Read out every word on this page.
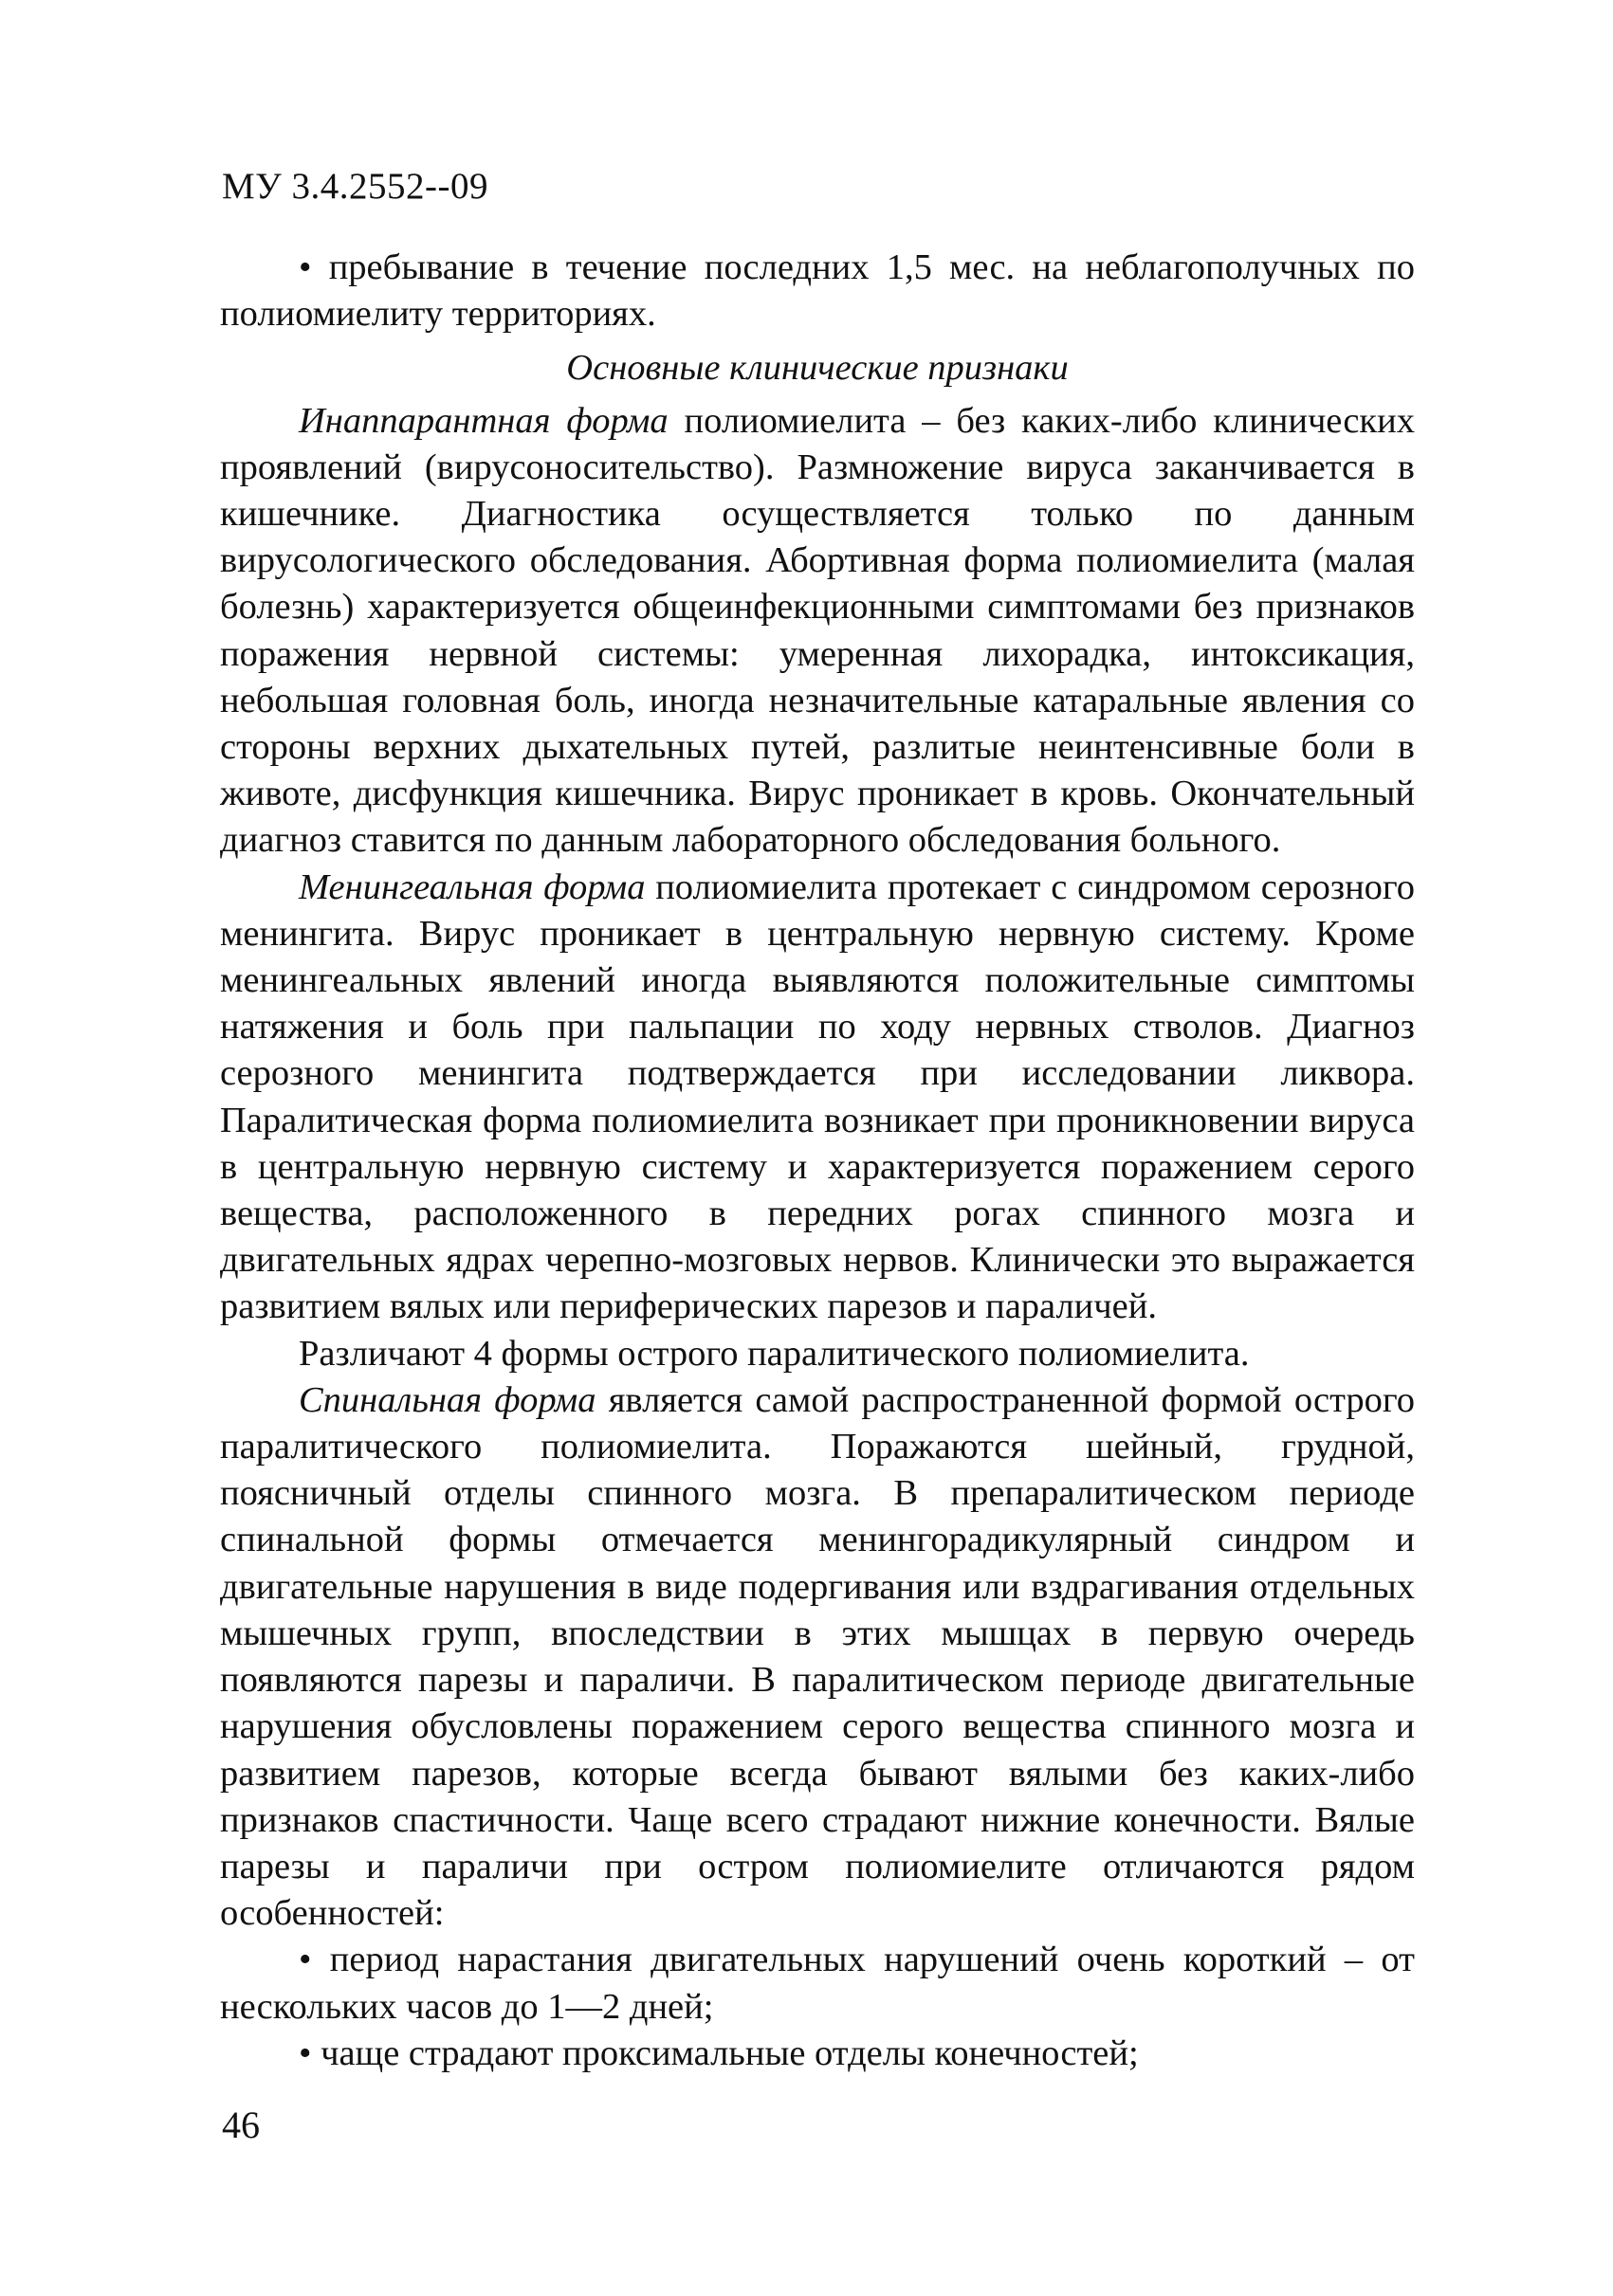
МУ 3.4.2552--09

• пребывание в течение последних 1,5 мес. на неблагополучных по полиомиелиту территориях.

Основные клинические признаки

Инаппарантная форма полиомиелита – без каких-либо клинических проявлений (вирусоносительство). Размножение вируса заканчивается в кишечнике. Диагностика осуществляется только по данным вирусологического обследования. Абортивная форма полиомиелита (малая болезнь) характеризуется общеинфекционными симптомами без признаков поражения нервной системы: умеренная лихорадка, интоксикация, небольшая головная боль, иногда незначительные катаральные явления со стороны верхних дыхательных путей, разлитые неинтенсивные боли в животе, дисфункция кишечника. Вирус проникает в кровь. Окончательный диагноз ставится по данным лабораторного обследования больного.

Менингеальная форма полиомиелита протекает с синдромом серозного менингита. Вирус проникает в центральную нервную систему. Кроме менингеальных явлений иногда выявляются положительные симптомы натяжения и боль при пальпации по ходу нервных стволов. Диагноз серозного менингита подтверждается при исследовании ликвора. Паралитическая форма полиомиелита возникает при проникновении вируса в центральную нервную систему и характеризуется поражением серого вещества, расположенного в передних рогах спинного мозга и двигательных ядрах черепно-мозговых нервов. Клинически это выражается развитием вялых или периферических парезов и параличей.

Различают 4 формы острого паралитического полиомиелита.

Спинальная форма является самой распространенной формой острого паралитического полиомиелита. Поражаются шейный, грудной, поясничный отделы спинного мозга. В препаралитическом периоде спинальной формы отмечается менингорадикулярный синдром и двигательные нарушения в виде подергивания или вздрагивания отдельных мышечных групп, впоследствии в этих мышцах в первую очередь появляются парезы и параличи. В паралитическом периоде двигательные нарушения обусловлены поражением серого вещества спинного мозга и развитием парезов, которые всегда бывают вялыми без каких-либо признаков спастичности. Чаще всего страдают нижние конечности. Вялые парезы и параличи при остром полиомиелите отличаются рядом особенностей:

• период нарастания двигательных нарушений очень короткий – от нескольких часов до 1—2 дней;

• чаще страдают проксимальные отделы конечностей;

46
